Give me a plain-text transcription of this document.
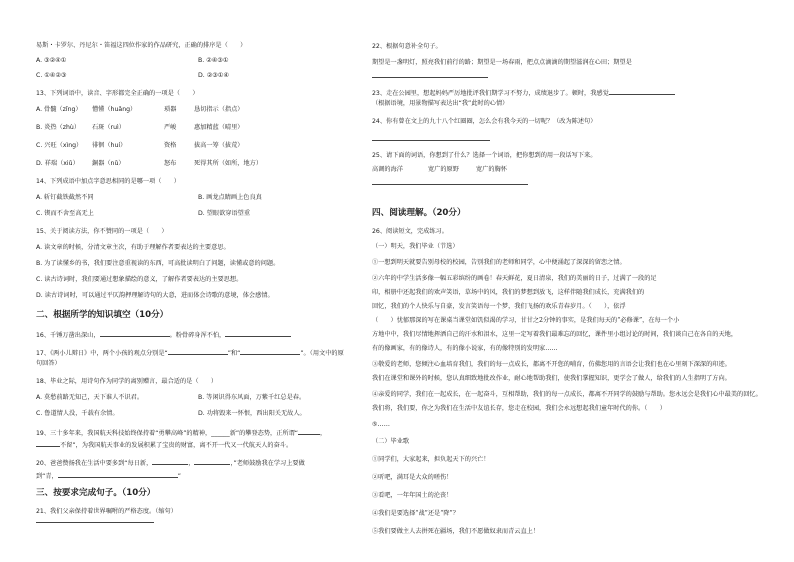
易斯・卡罗尔、丹尼尔・笛福这四位作家的作品研究，正确的排序是（　　）
A. ③②④①	B. ②④③①
C. ①④②③	D. ②③①④
13、下列词语中，读音、字形都完全正确的一项是（　　）
A. 骨髓（zǐng） 憎懂（huǎng）	琐器	恳切指示（指点）
B. 炎热（zhù） 石斑（ruì）	严峻	惠加精蓝（晴里）
C. 兴旺（xìng） 徘徊（huí）	资格	拔高一筹（拔荒）
D. 祥瑞（xiǔ） 銅器（nǔ）	怒布	死得其所（如所，地方）
14、下列成语中加点字意思相同的是哪一项（　　）
A. 斩钉截铁截然不同	B. 画龙点睛画上色良真
C. 锲而不舍至高无上	D. 望眼欲穿语望重
15、关于阅读方法，你不赞同的一项是（　　）
A. 读文章的时候，分清文章主次，有助于理解作者要表达的主要意思。
B. 为了读懂乡的书，我们要注意重视读的东西，可高批读明白了问题，读懂或意的问题。
C. 读古诗词时，我们要通过想象描绘的意义，了解作者要表达的主要思想。
D. 读古诗词时，可以通过平仄韵押理解诗句的大意，进而体会诗歌的意境，体会感情。
二、根据所学的知识填空（10分）
16、千锤万凿出深山，	。粉骨碎身浑不怕，
17、《两小儿辩日》中，两个小孩的观点分别是“	”和“	”。（用文中的原
句回答）
18、毕业之际，用诗句作为同学的离别赠言，最合适的是（　　）
A. 莫愁前路无知己，天下谁人不识君。	B. 等闲识得东风面，万紫千红总是春。
C. 鲁道情人没，千载有余情。	D. 功将毁来一怀恨，西出阳关无故人。
19、三十多年来，我国航天科技始终保持着“勇攀高峰”的精神，______新”的攀登态势，正所谓“	，
不留”，为我国航天事业的发展积累了宝贵的财富，离不开一代又一代航天人的奋斗。
20、爸爸赞扬我在生活中要多到“每日新，	，	，”老师鼓励我在学习上要做
到“青，	”
三、按要求完成句子。（10分）
21、我们父亲保持着世界嘱咐的严格态度。（缩句）
22、根据句意补全句子。
期望是一盏明灯，照亮我们前行的路；期望是一场春雨，把点点滴滴的期望滋润在心田；期望是
23、走在公园里，想起妈妈严厉地批评我们期学习不努力，成绩退步了。顿时，我感觉
（根据语境，用景物描写表达出“我”此时的心情）
24、你有曾在文上的九十八个红圈圈，怎么会有我今天的一切呢？（改为陈述句）
25、请下面的词语，你想到了什么？选择一个词语，把你想到的用一段话写下来。
高调的海洋	宽广的原野	宽广的胸怀
四、阅读理解。（20分）
26、阅读短文，完成练习。
（一）明天，我们毕业（节选）
①一想到明天就要告别母校的校园，告别我们的老师和同学，心中便涌起了深深的留恋之情。
②六年的中学生活多像一幅五彩缤纷的画卷！春天鲜花，夏日清泉，我们的美丽的日子，过满了一段的足
印，相册中还起我们的欢声笑语，草场中的风，我们的梦想到放飞，这样伴随我们成长，充满我们的
回忆，我们的个人快乐与自豪，发言笑语每一个梦，我们飞扬的欢乐青春岁月。（　　），依浮
（　　）忧郁那深的写在课桌当课堂如饥似渴的学习，甘甘之2分钟的事实，是我们每天的“必修课”，在每一个小
方地中中，我们尽情地挥洒自己的汗水和泪水，这里一定写着我们最难忘的回忆，课件里小组讨论的时间，我们谈自己在各自的天地，
有的像画家，有的像诗人，有的像小说家，有的像特别的发明家……
③敬爱的老师，您倾注心血培育我们，我们的每一点成长，都离不开您的哺育，仿佛您用的言语会让我们也在心里刻下深深的印迹。
我们在课堂和课外的时候，您认真细致地批改作业，耐心地帮助我们，使我们掌握知识，更学会了做人，给我们的人生指明了方向。
④亲爱的同学，我们在一起成长，在一起奋斗，互相帮助，我们的每一点成长，都离不开同学的鼓励与帮助。您永远会是我们心中最美的回忆。
我们将，我们要，你之为我们在生活中友谊长存，您走在校园，我们会永远想起我们童年时代的你。（　　）
⑤……
（二）毕业歌
①同学们，大家起来，担负起天下的兴亡！
②听吧，满耳是大众的嗟伤！
③看吧，一年年国土的沦丧！
④我们是要选择“战”还是“降”？
⑤我们要做主人去拼死在疆场，我们不愿做奴隶而青云直上！
